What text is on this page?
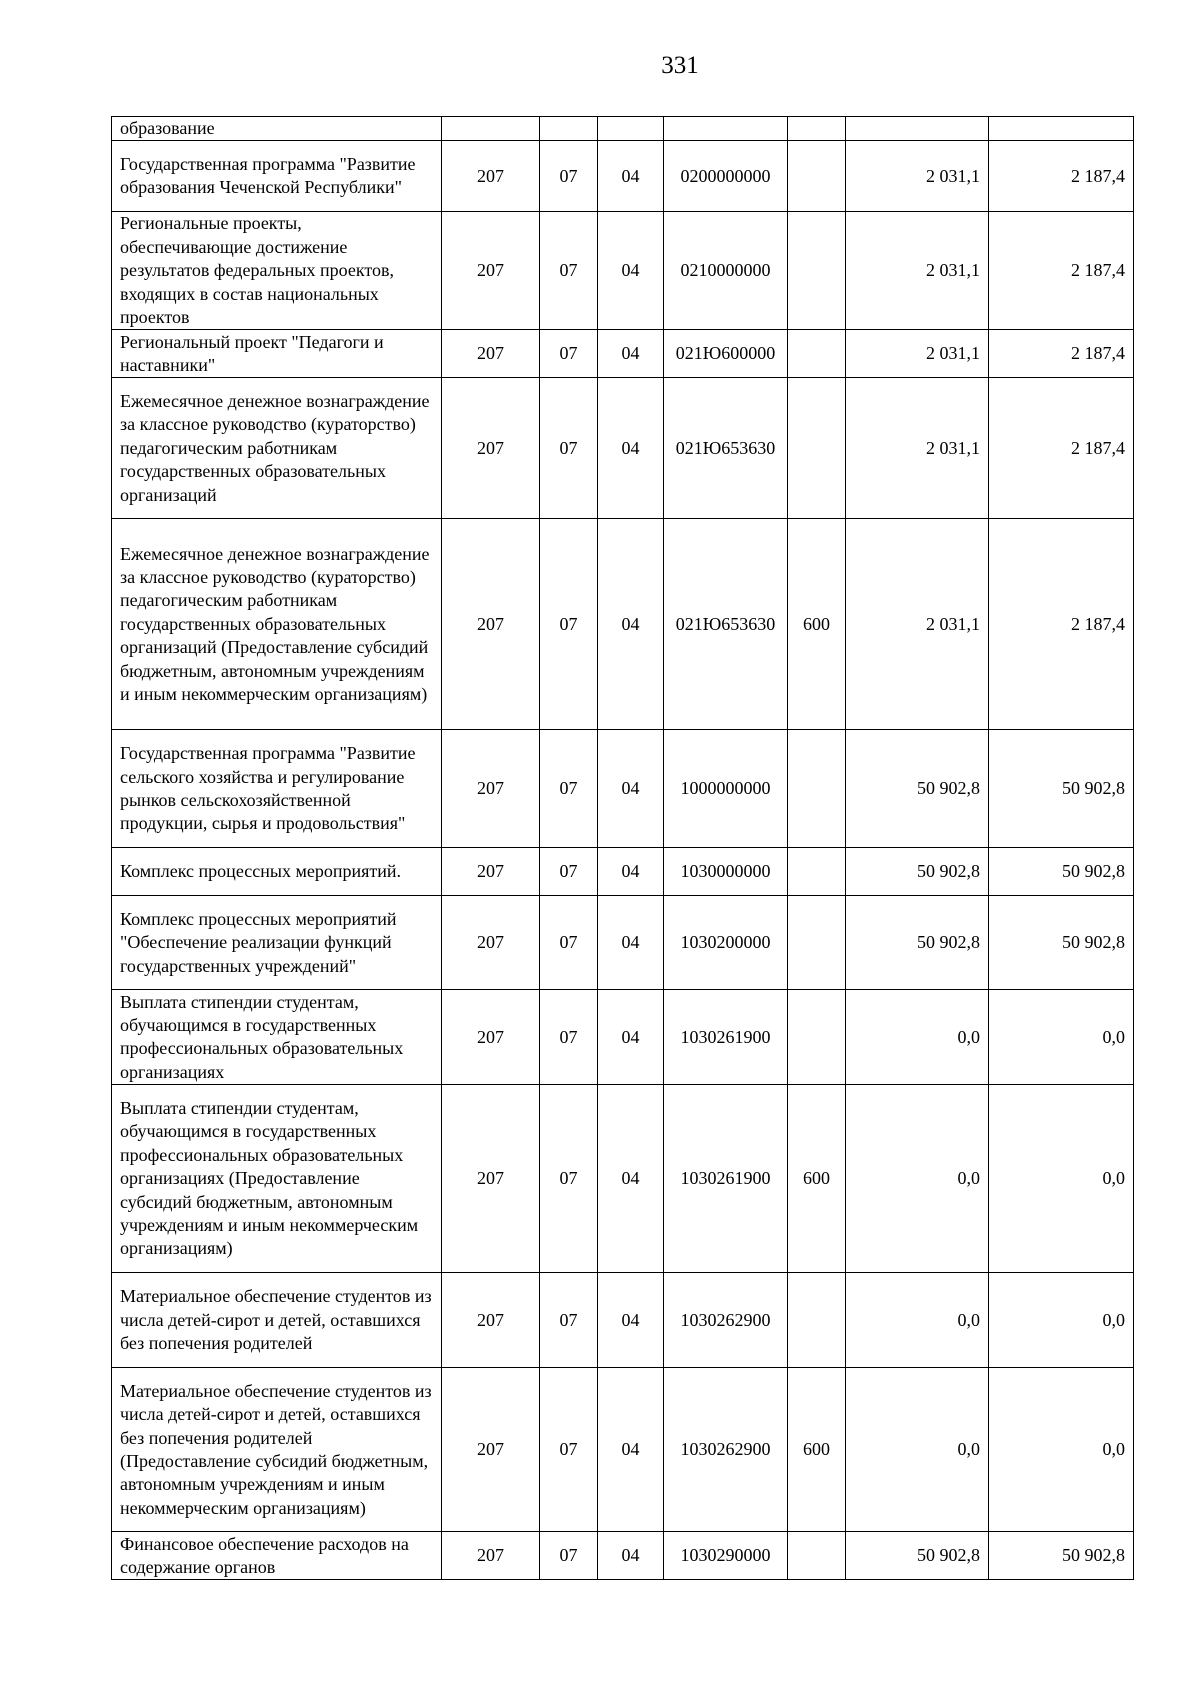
331
образование							
Государственная программа "Развитие образования Чеченской Республики"	207	07	04	0200000000		2 031,1	2 187,4
Региональные проекты, обеспечивающие достижение результатов федеральных проектов, входящих в состав национальных проектов	207	07	04	0210000000		2 031,1	2 187,4
Региональный проект "Педагоги и наставники"	207	07	04	021Ю600000		2 031,1	2 187,4
Ежемесячное денежное вознаграждение за классное руководство (кураторство) педагогическим работникам государственных образовательных организаций	207	07	04	021Ю653630		2 031,1	2 187,4
Ежемесячное денежное вознаграждение за классное руководство (кураторство) педагогическим работникам государственных образовательных организаций (Предоставление субсидий бюджетным, автономным учреждениям и иным некоммерческим организациям)	207	07	04	021Ю653630	600	2 031,1	2 187,4
Государственная программа "Развитие сельского хозяйства и регулирование рынков сельскохозяйственной продукции, сырья и продовольствия"	207	07	04	1000000000		50 902,8	50 902,8
Комплекс процессных мероприятий.	207	07	04	1030000000		50 902,8	50 902,8
Комплекс процессных мероприятий "Обеспечение реализации функций государственных учреждений"	207	07	04	1030200000		50 902,8	50 902,8
Выплата стипендии студентам, обучающимся в государственных профессиональных образовательных организациях	207	07	04	1030261900		0,0	0,0
Выплата стипендии студентам, обучающимся в государственных профессиональных образовательных организациях (Предоставление субсидий бюджетным, автономным учреждениям и иным некоммерческим организациям)	207	07	04	1030261900	600	0,0	0,0
Материальное обеспечение студентов из числа детей-сирот и детей, оставшихся без попечения родителей	207	07	04	1030262900		0,0	0,0
Материальное обеспечение студентов из числа детей-сирот и детей, оставшихся без попечения родителей (Предоставление субсидий бюджетным, автономным учреждениям и иным некоммерческим организациям)	207	07	04	1030262900	600	0,0	0,0
Финансовое обеспечение расходов на содержание органов	207	07	04	1030290000		50 902,8	50 902,8
